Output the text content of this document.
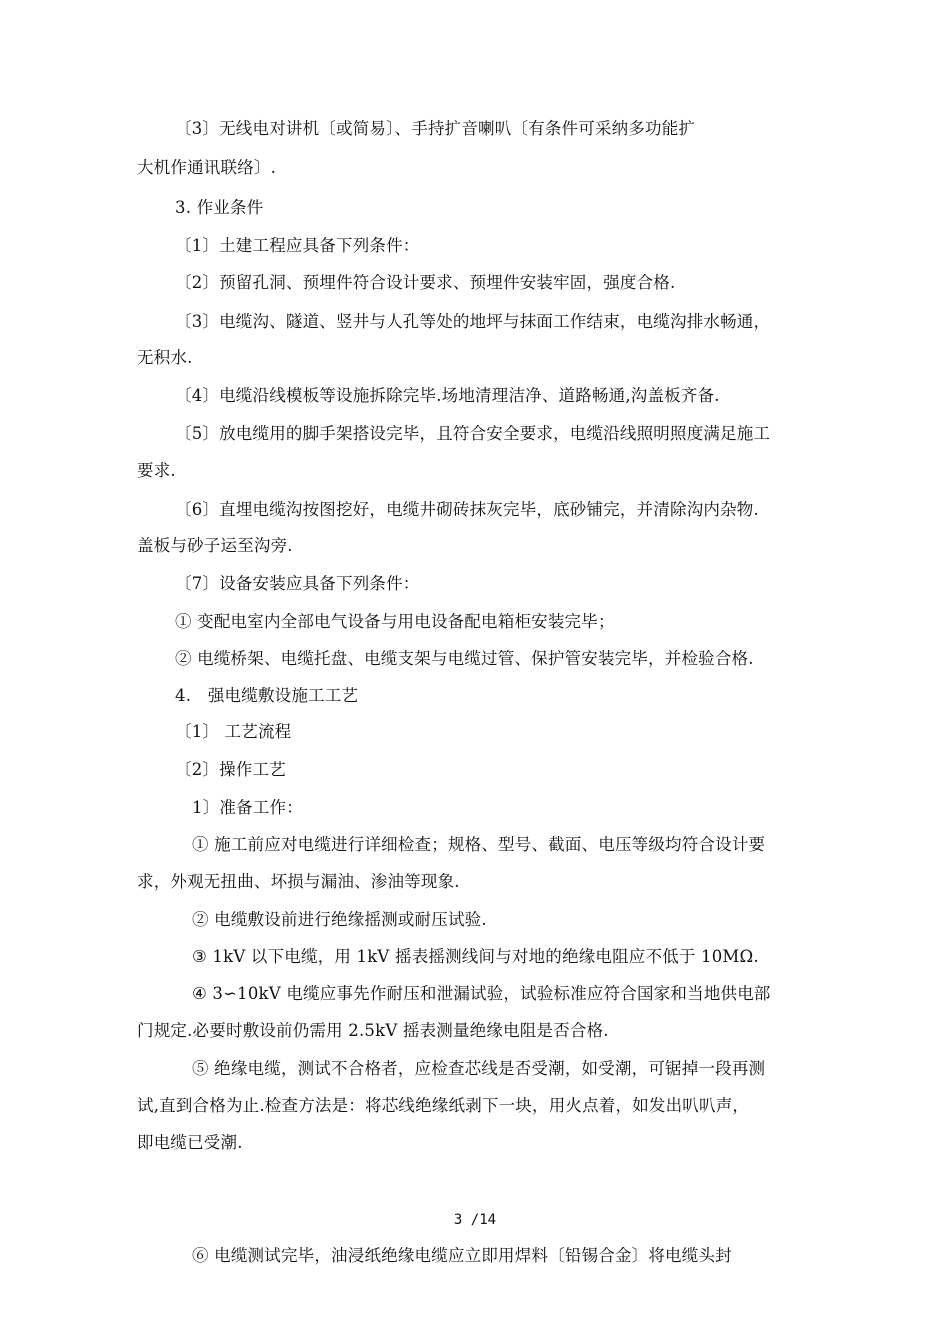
〔3〕无线电对讲机〔或简易〕、手持扩音喇叭〔有条件可采纳多功能扩
大机作通讯联络〕.
3. 作业条件
〔1〕土建工程应具备下列条件：
〔2〕预留孔洞、预埋件符合设计要求、预埋件安装牢固，强度合格.
〔3〕电缆沟、隧道、竖井与人孔等处的地坪与抹面工作结束，电缆沟排水畅通，
无积水.
〔4〕电缆沿线模板等设施拆除完毕.场地清理洁净、道路畅通,沟盖板齐备.
〔5〕放电缆用的脚手架搭设完毕，且符合安全要求，电缆沿线照明照度满足施工
要求.
〔6〕直埋电缆沟按图挖好，电缆井砌砖抹灰完毕，底砂铺完，并清除沟内杂物.
盖板与砂子运至沟旁.
〔7〕设备安装应具备下列条件：
① 变配电室内全部电气设备与用电设备配电箱柜安装完毕；
② 电缆桥架、电缆托盘、电缆支架与电缆过管、保护管安装完毕，并检验合格.
4.　强电缆敷设施工工艺
〔1〕 工艺流程
〔2〕操作工艺
1〕准备工作：
① 施工前应对电缆进行详细检查；规格、型号、截面、电压等级均符合设计要
求，外观无扭曲、坏损与漏油、渗油等现象.
② 电缆敷设前进行绝缘摇测或耐压试验.
③ 1kV 以下电缆，用 1kV 摇表摇测线间与对地的绝缘电阻应不低于 10MΩ.
④ 3∽10kV 电缆应事先作耐压和泄漏试验，试验标准应符合国家和当地供电部
门规定.必要时敷设前仍需用 2.5kV 摇表测量绝缘电阻是否合格.
⑤ 绝缘电缆，测试不合格者，应检查芯线是否受潮，如受潮，可锯掉一段再测
试,直到合格为止.检查方法是：将芯线绝缘纸剥下一块，用火点着，如发出叭叭声，
即电缆已受潮.
3 /14
⑥ 电缆测试完毕，油浸纸绝缘电缆应立即用焊料〔铅锡合金〕将电缆头封
